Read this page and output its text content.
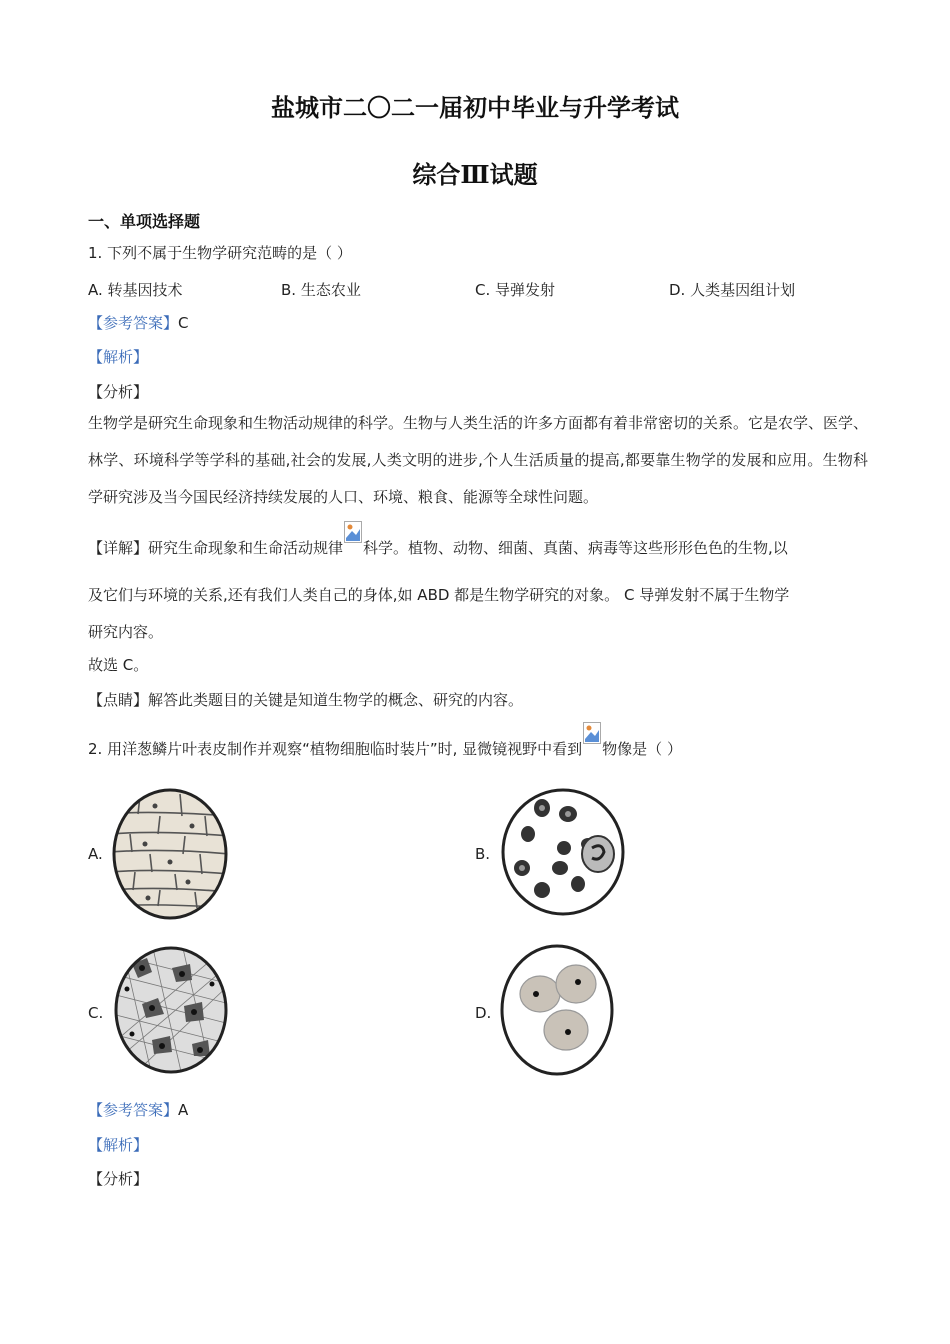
盐城市二〇二一届初中毕业与升学考试
综合Ⅲ试题
一、单项选择题
1. 下列不属于生物学研究范畴的是（ ）
A. 转基因技术	B. 生态农业	C. 导弹发射	D. 人类基因组计划
【参考答案】C
【解析】
【分析】
生物学是研究生命现象和生物活动规律的科学。生物与人类生活的许多方面都有着非常密切的关系。它是农学、医学、林学、环境科学等学科的基础,社会的发展,人类文明的进步,个人生活质量的提高,都要靠生物学的发展和应用。生物科学研究涉及当今国民经济持续发展的人口、环境、粮食、能源等全球性问题。
【详解】研究生命现象和生命活动规律 科学。植物、动物、细菌、真菌、病毒等这些形形色色的生物,以
及它们与环境的关系,还有我们人类自己的身体,如 ABD 都是生物学研究的对象。 C 导弹发射不属于生物学
研究内容。
故选 C。
【点睛】解答此类题目的关键是知道生物学的概念、研究的内容。
2. 用洋葱鳞片叶表皮制作并观察“植物细胞临时装片”时, 显微镜视野中看到 物像是（ ）
A.	B.
C.	D.
【参考答案】A
【解析】
【分析】
